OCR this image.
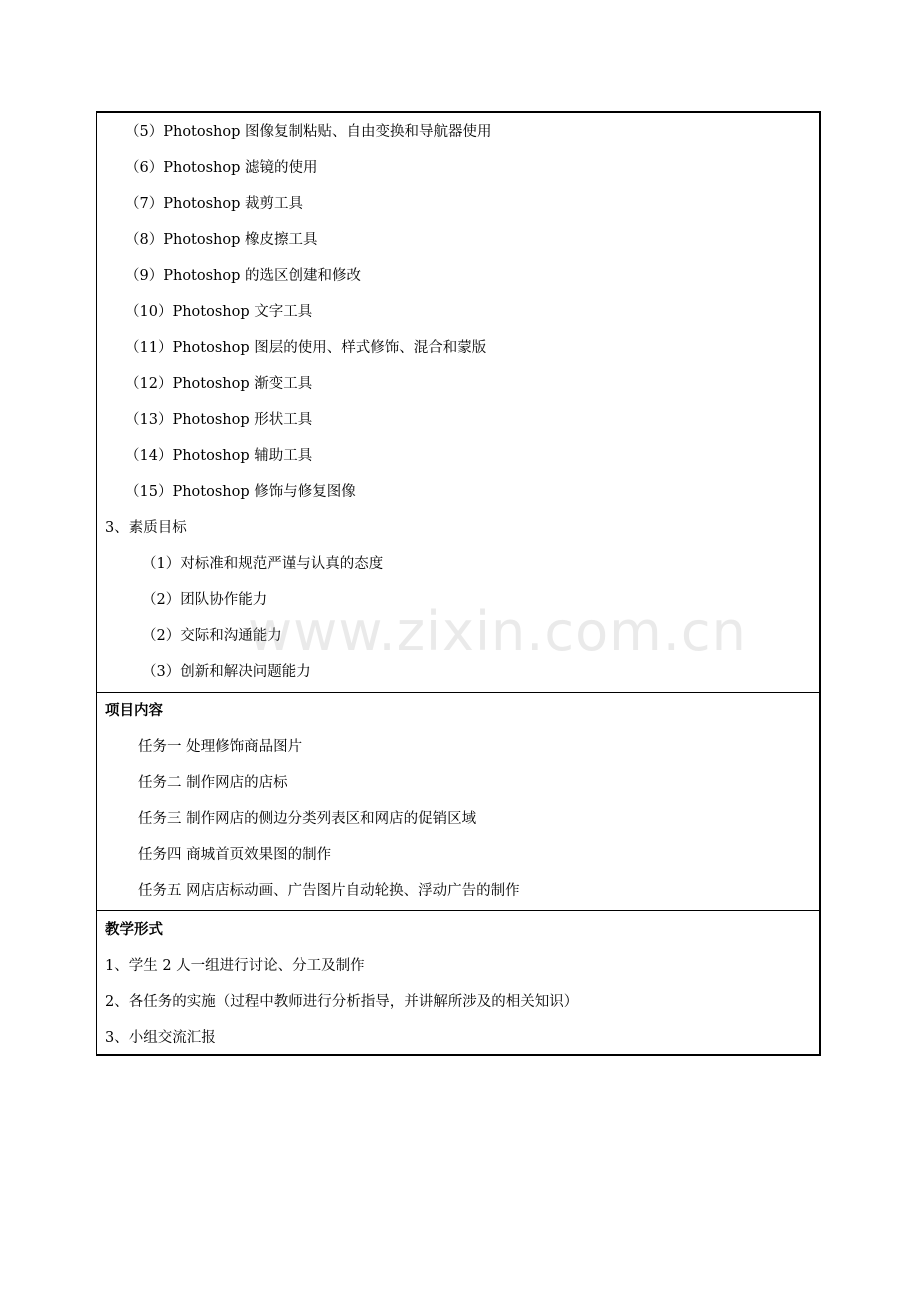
（5）Photoshop 图像复制粘贴、自由变换和导航器使用
（6）Photoshop 滤镜的使用
（7）Photoshop 裁剪工具
（8）Photoshop 橡皮擦工具
（9）Photoshop 的选区创建和修改
（10）Photoshop 文字工具
（11）Photoshop 图层的使用、样式修饰、混合和蒙版
（12）Photoshop 渐变工具
（13）Photoshop 形状工具
（14）Photoshop 辅助工具
（15）Photoshop 修饰与修复图像
3、素质目标
（1）对标准和规范严谨与认真的态度
（2）团队协作能力
（2）交际和沟通能力
（3）创新和解决问题能力
项目内容
任务一 处理修饰商品图片
任务二 制作网店的店标
任务三 制作网店的侧边分类列表区和网店的促销区域
任务四 商城首页效果图的制作
任务五 网店店标动画、广告图片自动轮换、浮动广告的制作
教学形式
1、学生 2 人一组进行讨论、分工及制作
2、各任务的实施（过程中教师进行分析指导，并讲解所涉及的相关知识）
3、小组交流汇报
www.zixin.com.cn
